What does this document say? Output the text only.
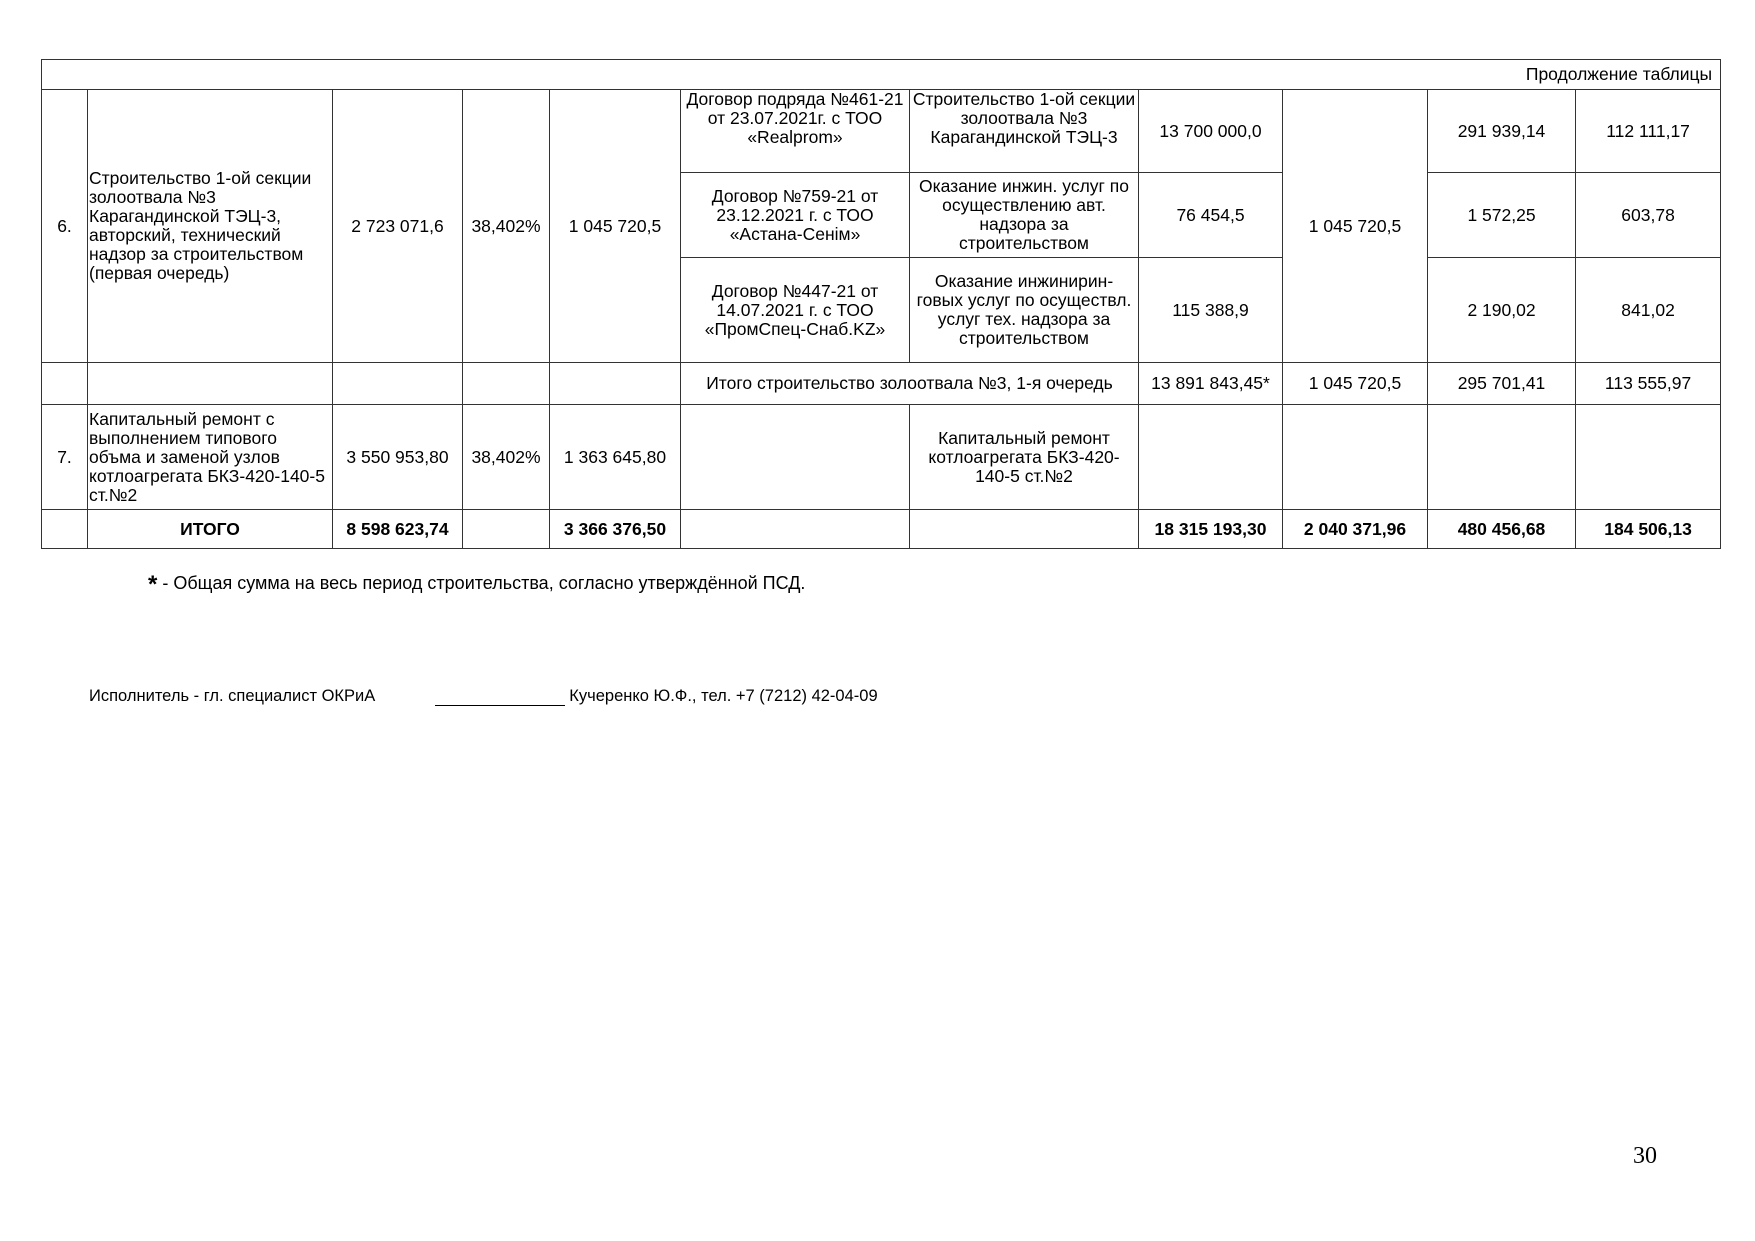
Продолжение таблицы										
6.	Строительство 1-ой секции золоотвала №3 Карагандинской ТЭЦ-3, авторский, технический надзор за строительством (первая очередь)	2 723 071,6	38,402%	1 045 720,5	Договор подряда №461-21 от 23.07.2021г. с ТОО «Realprom»	Строительство 1-ой секции золоотвала №3 Карагандинской ТЭЦ-3	13 700 000,0	1 045 720,5	291 939,14	112 111,17
					Договор №759-21 от 23.12.2021 г. с ТОО «Астана-Сенім»	Оказание инжин. услуг по осуществлению авт. надзора за строительством	76 454,5		1 572,25	603,78
					Договор №447-21 от 14.07.2021 г. с ТОО «ПромСпец-Снаб.KZ»	Оказание инжинирин-говых услуг по осуществл. услуг тех. надзора за строительством	115 388,9		2 190,02	841,02
					Итого строительство золоотвала №3, 1-я очередь		13 891 843,45*	1 045 720,5	295 701,41	113 555,97
7.	Капитальный ремонт с выполнением типового объма и заменой узлов котлоагрегата БКЗ-420-140-5 ст.№2	3 550 953,80	38,402%	1 363 645,80		Капитальный ремонт котлоагрегата БКЗ-420-140-5 ст.№2				
	ИТОГО	8 598 623,74		3 366 376,50			18 315 193,30	2 040 371,96	480 456,68	184 506,13
* - Общая сумма на весь период строительства, согласно утверждённой ПСД.
Исполнитель - гл. специалист ОКРиА	Кучеренко Ю.Ф., тел. +7 (7212) 42-04-09
30
